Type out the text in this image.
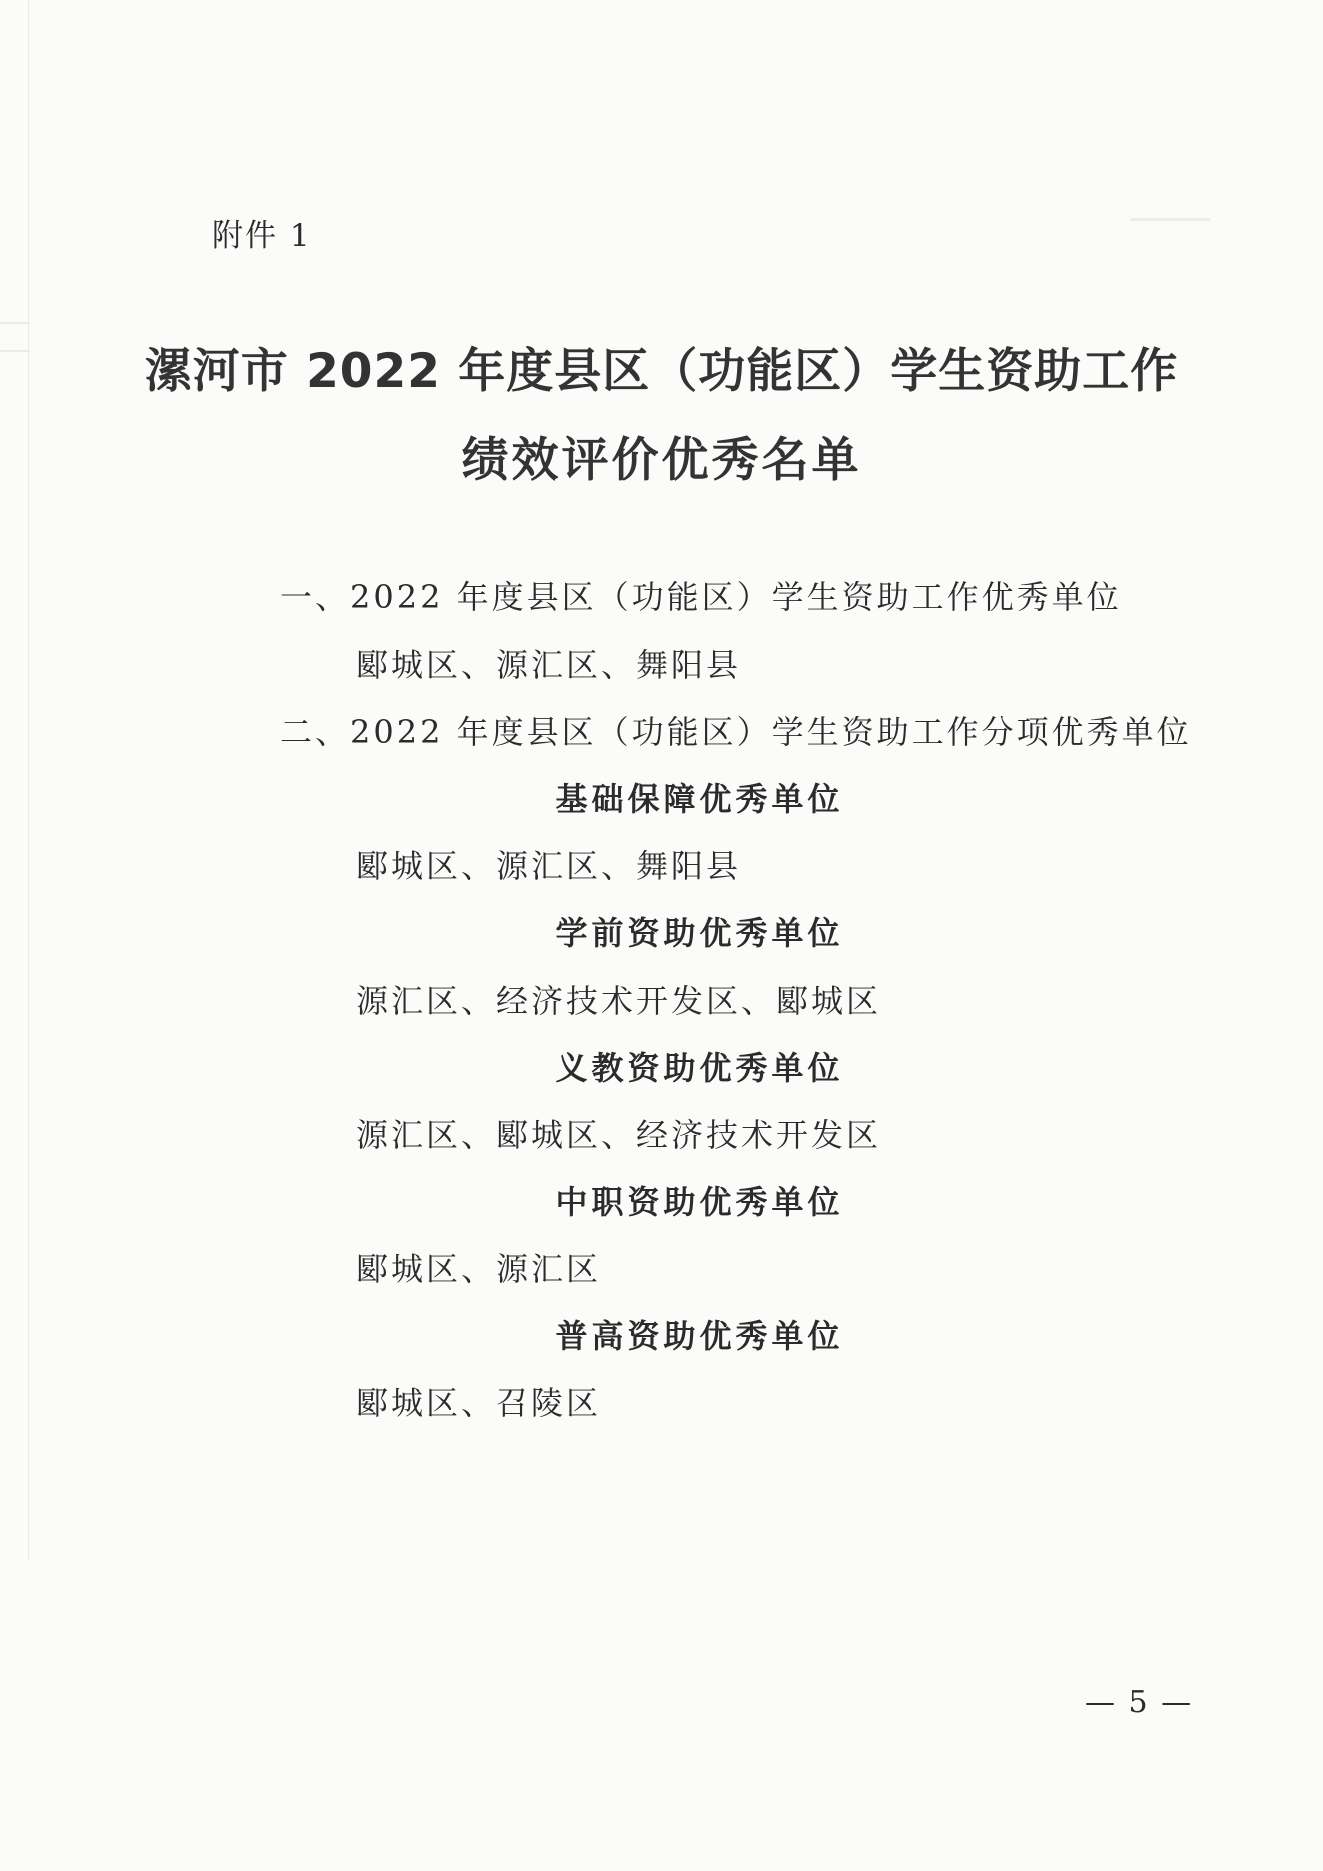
附件 1
漯河市 2022 年度县区（功能区）学生资助工作
绩效评价优秀名单
一、2022 年度县区（功能区）学生资助工作优秀单位
郾城区、源汇区、舞阳县
二、2022 年度县区（功能区）学生资助工作分项优秀单位
基础保障优秀单位
郾城区、源汇区、舞阳县
学前资助优秀单位
源汇区、经济技术开发区、郾城区
义教资助优秀单位
源汇区、郾城区、经济技术开发区
中职资助优秀单位
郾城区、源汇区
普高资助优秀单位
郾城区、召陵区
— 5 —
